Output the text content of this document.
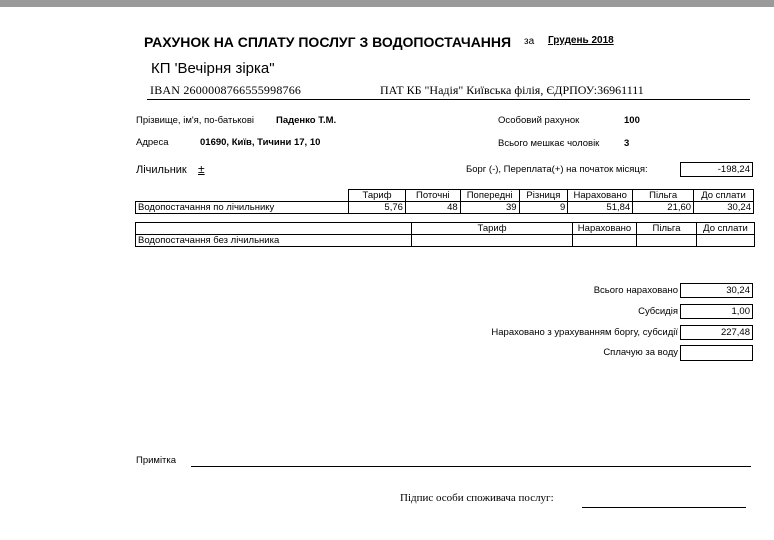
РАХУНОК НА СПЛАТУ ПОСЛУГ З ВОДОПОСТАЧАННЯ за Грудень 2018
КП 'Вечірня зірка"
IBAN 2600008766555998766	ПАТ КБ "Надія" Київська філія, ЄДРПОУ:36961111
Прізвище, ім'я, по-батькові Паденко Т.М.	Особовий рахунок	100
Адреса	01690, Київ, Тичини 17, 10	Всього мешкає чоловік	3
Лічильник ±	Борг (-), Переплата(+) на початок місяця:	-198,24
	Тариф	Поточні	Попередні	Різниця	Нараховано	Пільга	До сплати
Водопостачання по лічильнику	5,76	48	39	9	51,84	21,60	30,24
	Тариф	Нараховано	Пільга	До сплати
Водопостачання без лічильника				
Всього нараховано	30,24
Субсидія	1,00
Нараховано з урахуванням боргу, субсидії	227,48
Сплачую за воду
Примітка
Підпис особи споживача послуг:
